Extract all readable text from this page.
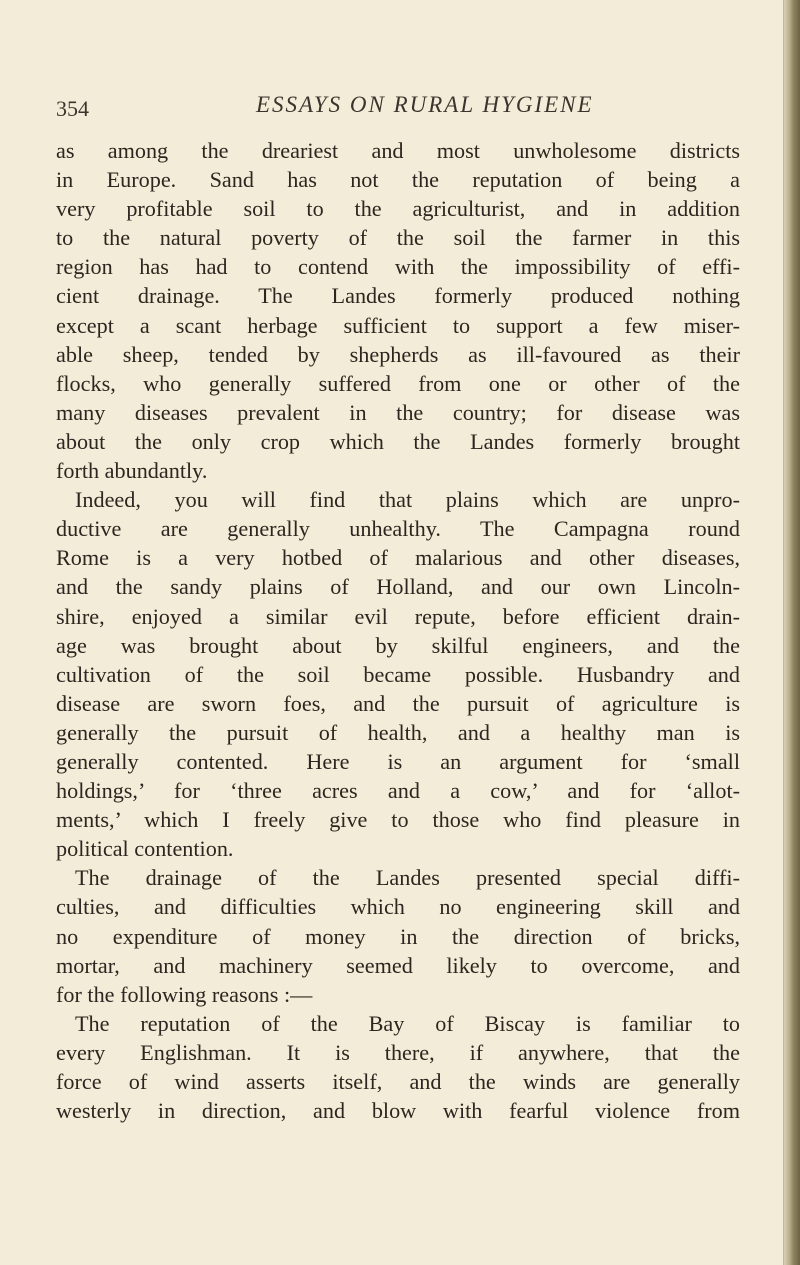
354	ESSAYS ON RURAL HYGIENE
as among the dreariest and most unwholesome districts
in Europe. Sand has not the reputation of being a
very profitable soil to the agriculturist, and in addition
to the natural poverty of the soil the farmer in this
region has had to contend with the impossibility of effi-
cient drainage. The Landes formerly produced nothing
except a scant herbage sufficient to support a few miser-
able sheep, tended by shepherds as ill-favoured as their
flocks, who generally suffered from one or other of the
many diseases prevalent in the country; for disease was
about the only crop which the Landes formerly brought
forth abundantly.
Indeed, you will find that plains which are unpro-
ductive are generally unhealthy. The Campagna round
Rome is a very hotbed of malarious and other diseases,
and the sandy plains of Holland, and our own Lincoln-
shire, enjoyed a similar evil repute, before efficient drain-
age was brought about by skilful engineers, and the
cultivation of the soil became possible. Husbandry and
disease are sworn foes, and the pursuit of agriculture is
generally the pursuit of health, and a healthy man is
generally contented. Here is an argument for ‘small
holdings,’ for ‘three acres and a cow,’ and for ‘allot-
ments,’ which I freely give to those who find pleasure in
political contention.
The drainage of the Landes presented special diffi-
culties, and difficulties which no engineering skill and
no expenditure of money in the direction of bricks,
mortar, and machinery seemed likely to overcome, and
for the following reasons :—
The reputation of the Bay of Biscay is familiar to
every Englishman. It is there, if anywhere, that the
force of wind asserts itself, and the winds are generally
westerly in direction, and blow with fearful violence from
